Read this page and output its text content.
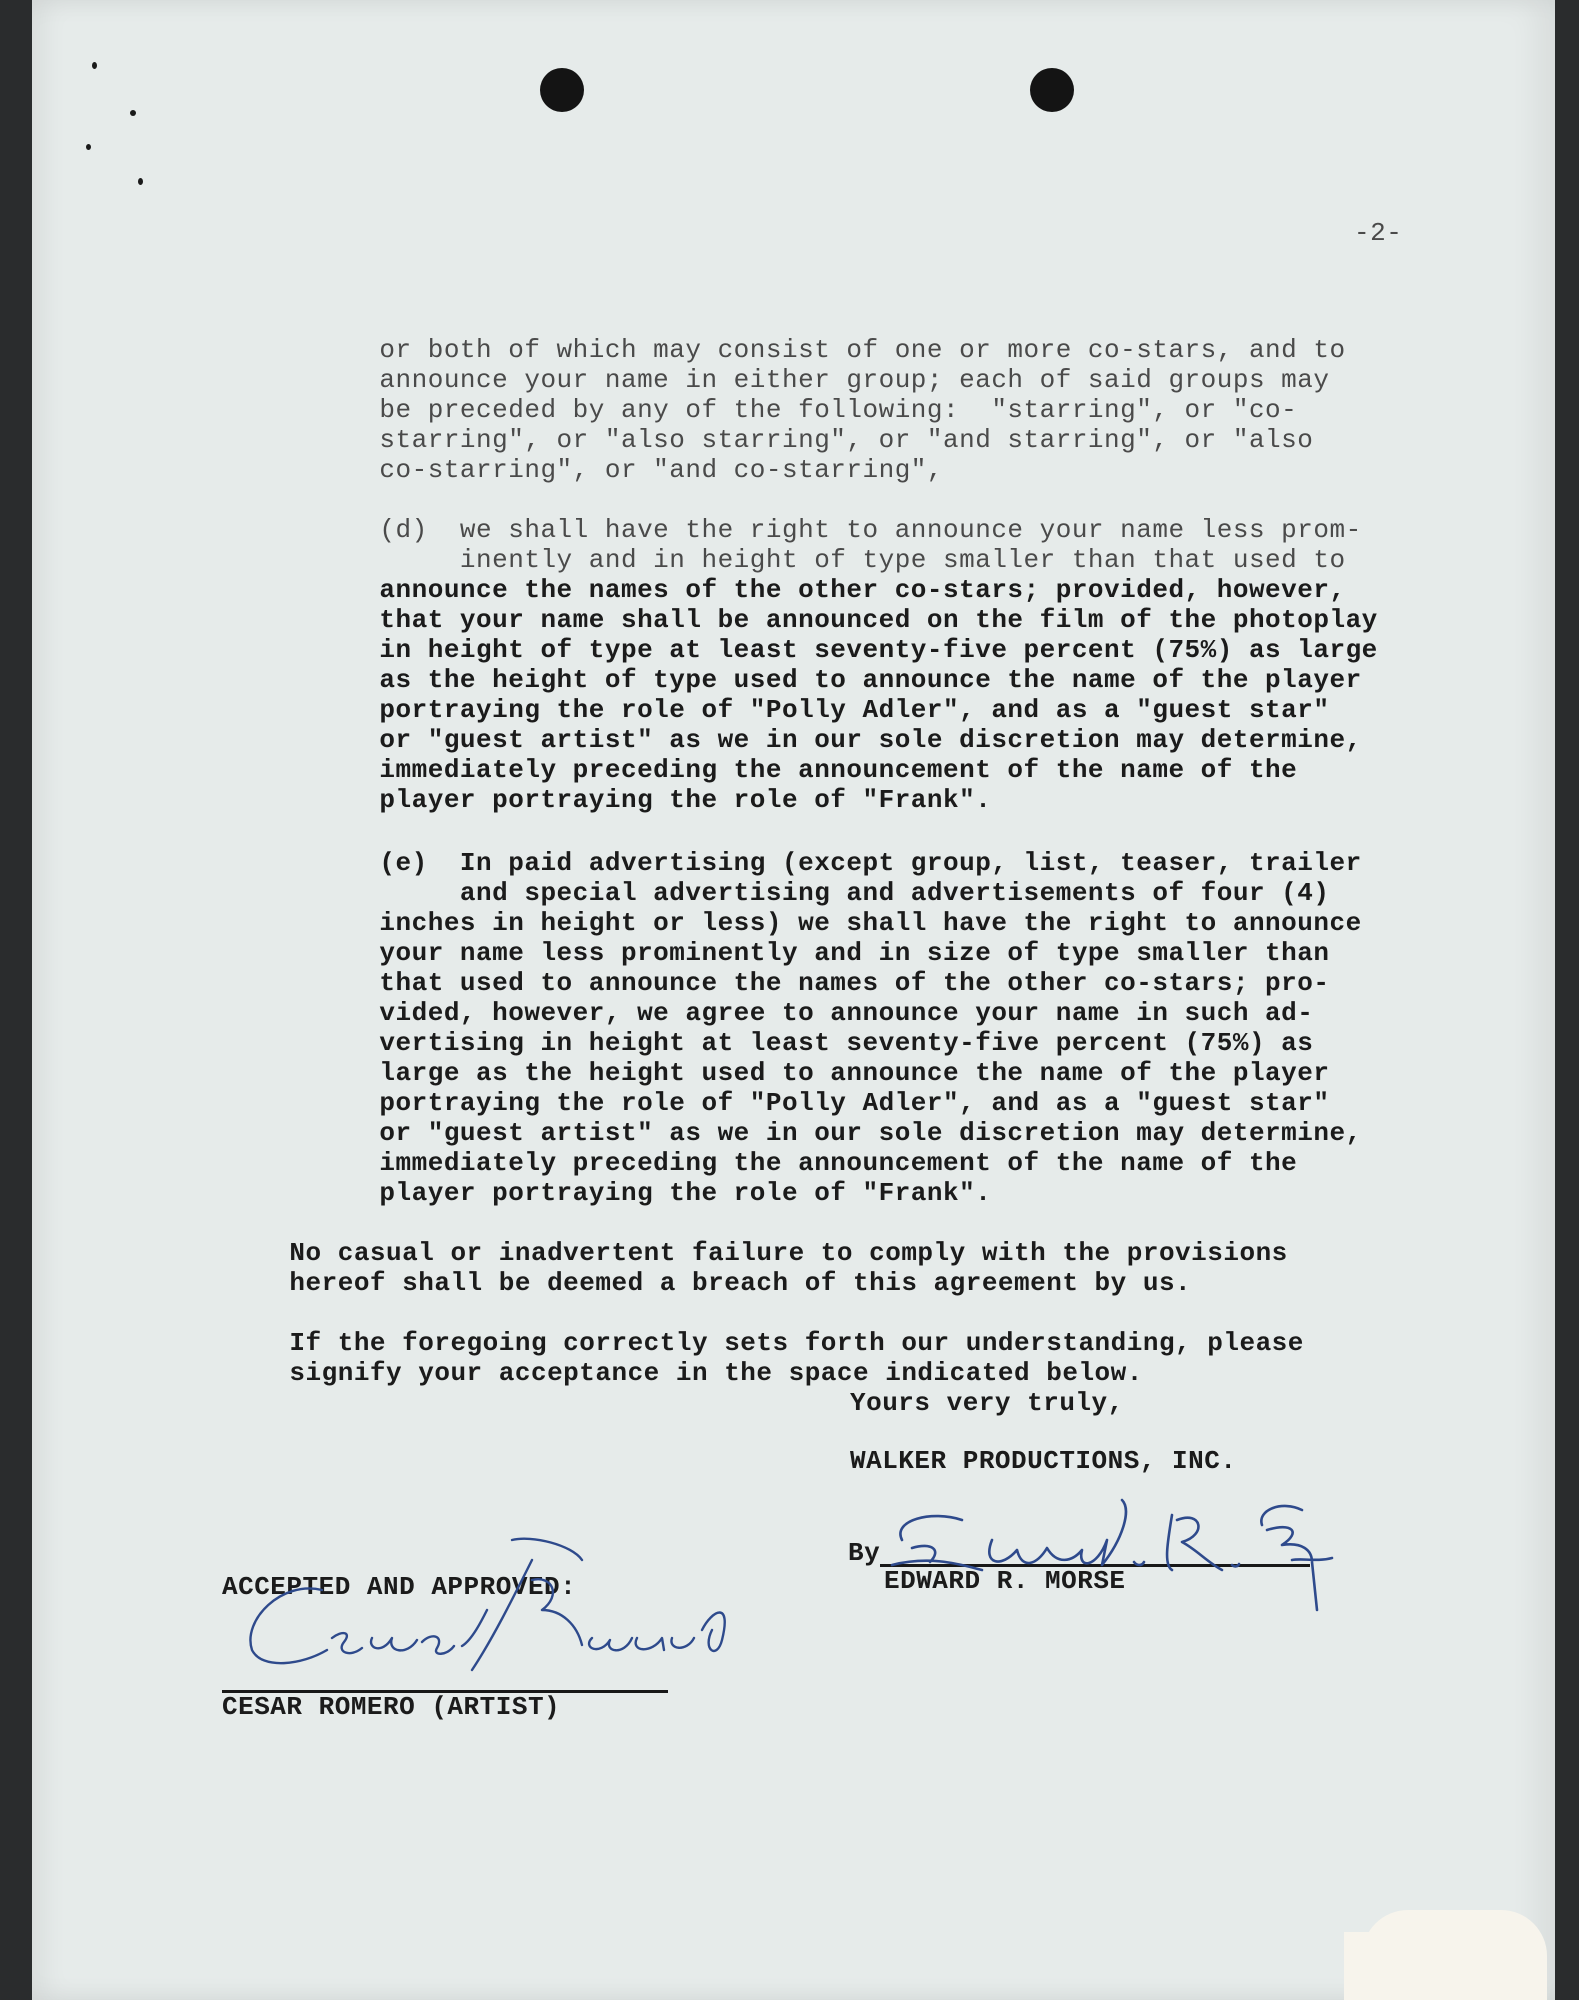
-2-

or both of which may consist of one or more co-stars, and to
announce your name in either group; each of said groups may
be preceded by any of the following:  "starring", or "co-
starring", or "also starring", or "and starring", or "also
co-starring", or "and co-starring",

(d)  we shall have the right to announce your name less prom-
inently and in height of type smaller than that used to
announce the names of the other co-stars; provided, however,
that your name shall be announced on the film of the photoplay
in height of type at least seventy-five percent (75%) as large
as the height of type used to announce the name of the player
portraying the role of "Polly Adler", and as a "guest star"
or "guest artist" as we in our sole discretion may determine,
immediately preceding the announcement of the name of the
player portraying the role of "Frank".

(e)  In paid advertising (except group, list, teaser, trailer
and special advertising and advertisements of four (4)
inches in height or less) we shall have the right to announce
your name less prominently and in size of type smaller than
that used to announce the names of the other co-stars; pro-
vided, however, we agree to announce your name in such ad-
vertising in height at least seventy-five percent (75%) as
large as the height used to announce the name of the player
portraying the role of "Polly Adler", and as a "guest star"
or "guest artist" as we in our sole discretion may determine,
immediately preceding the announcement of the name of the
player portraying the role of "Frank".

No casual or inadvertent failure to comply with the provisions
hereof shall be deemed a breach of this agreement by us.

If the foregoing correctly sets forth our understanding, please
signify your acceptance in the space indicated below.

Yours very truly,
WALKER PRODUCTIONS, INC.
By
EDWARD R. MORSE
ACCEPTED AND APPROVED:
CESAR ROMERO (ARTIST)
